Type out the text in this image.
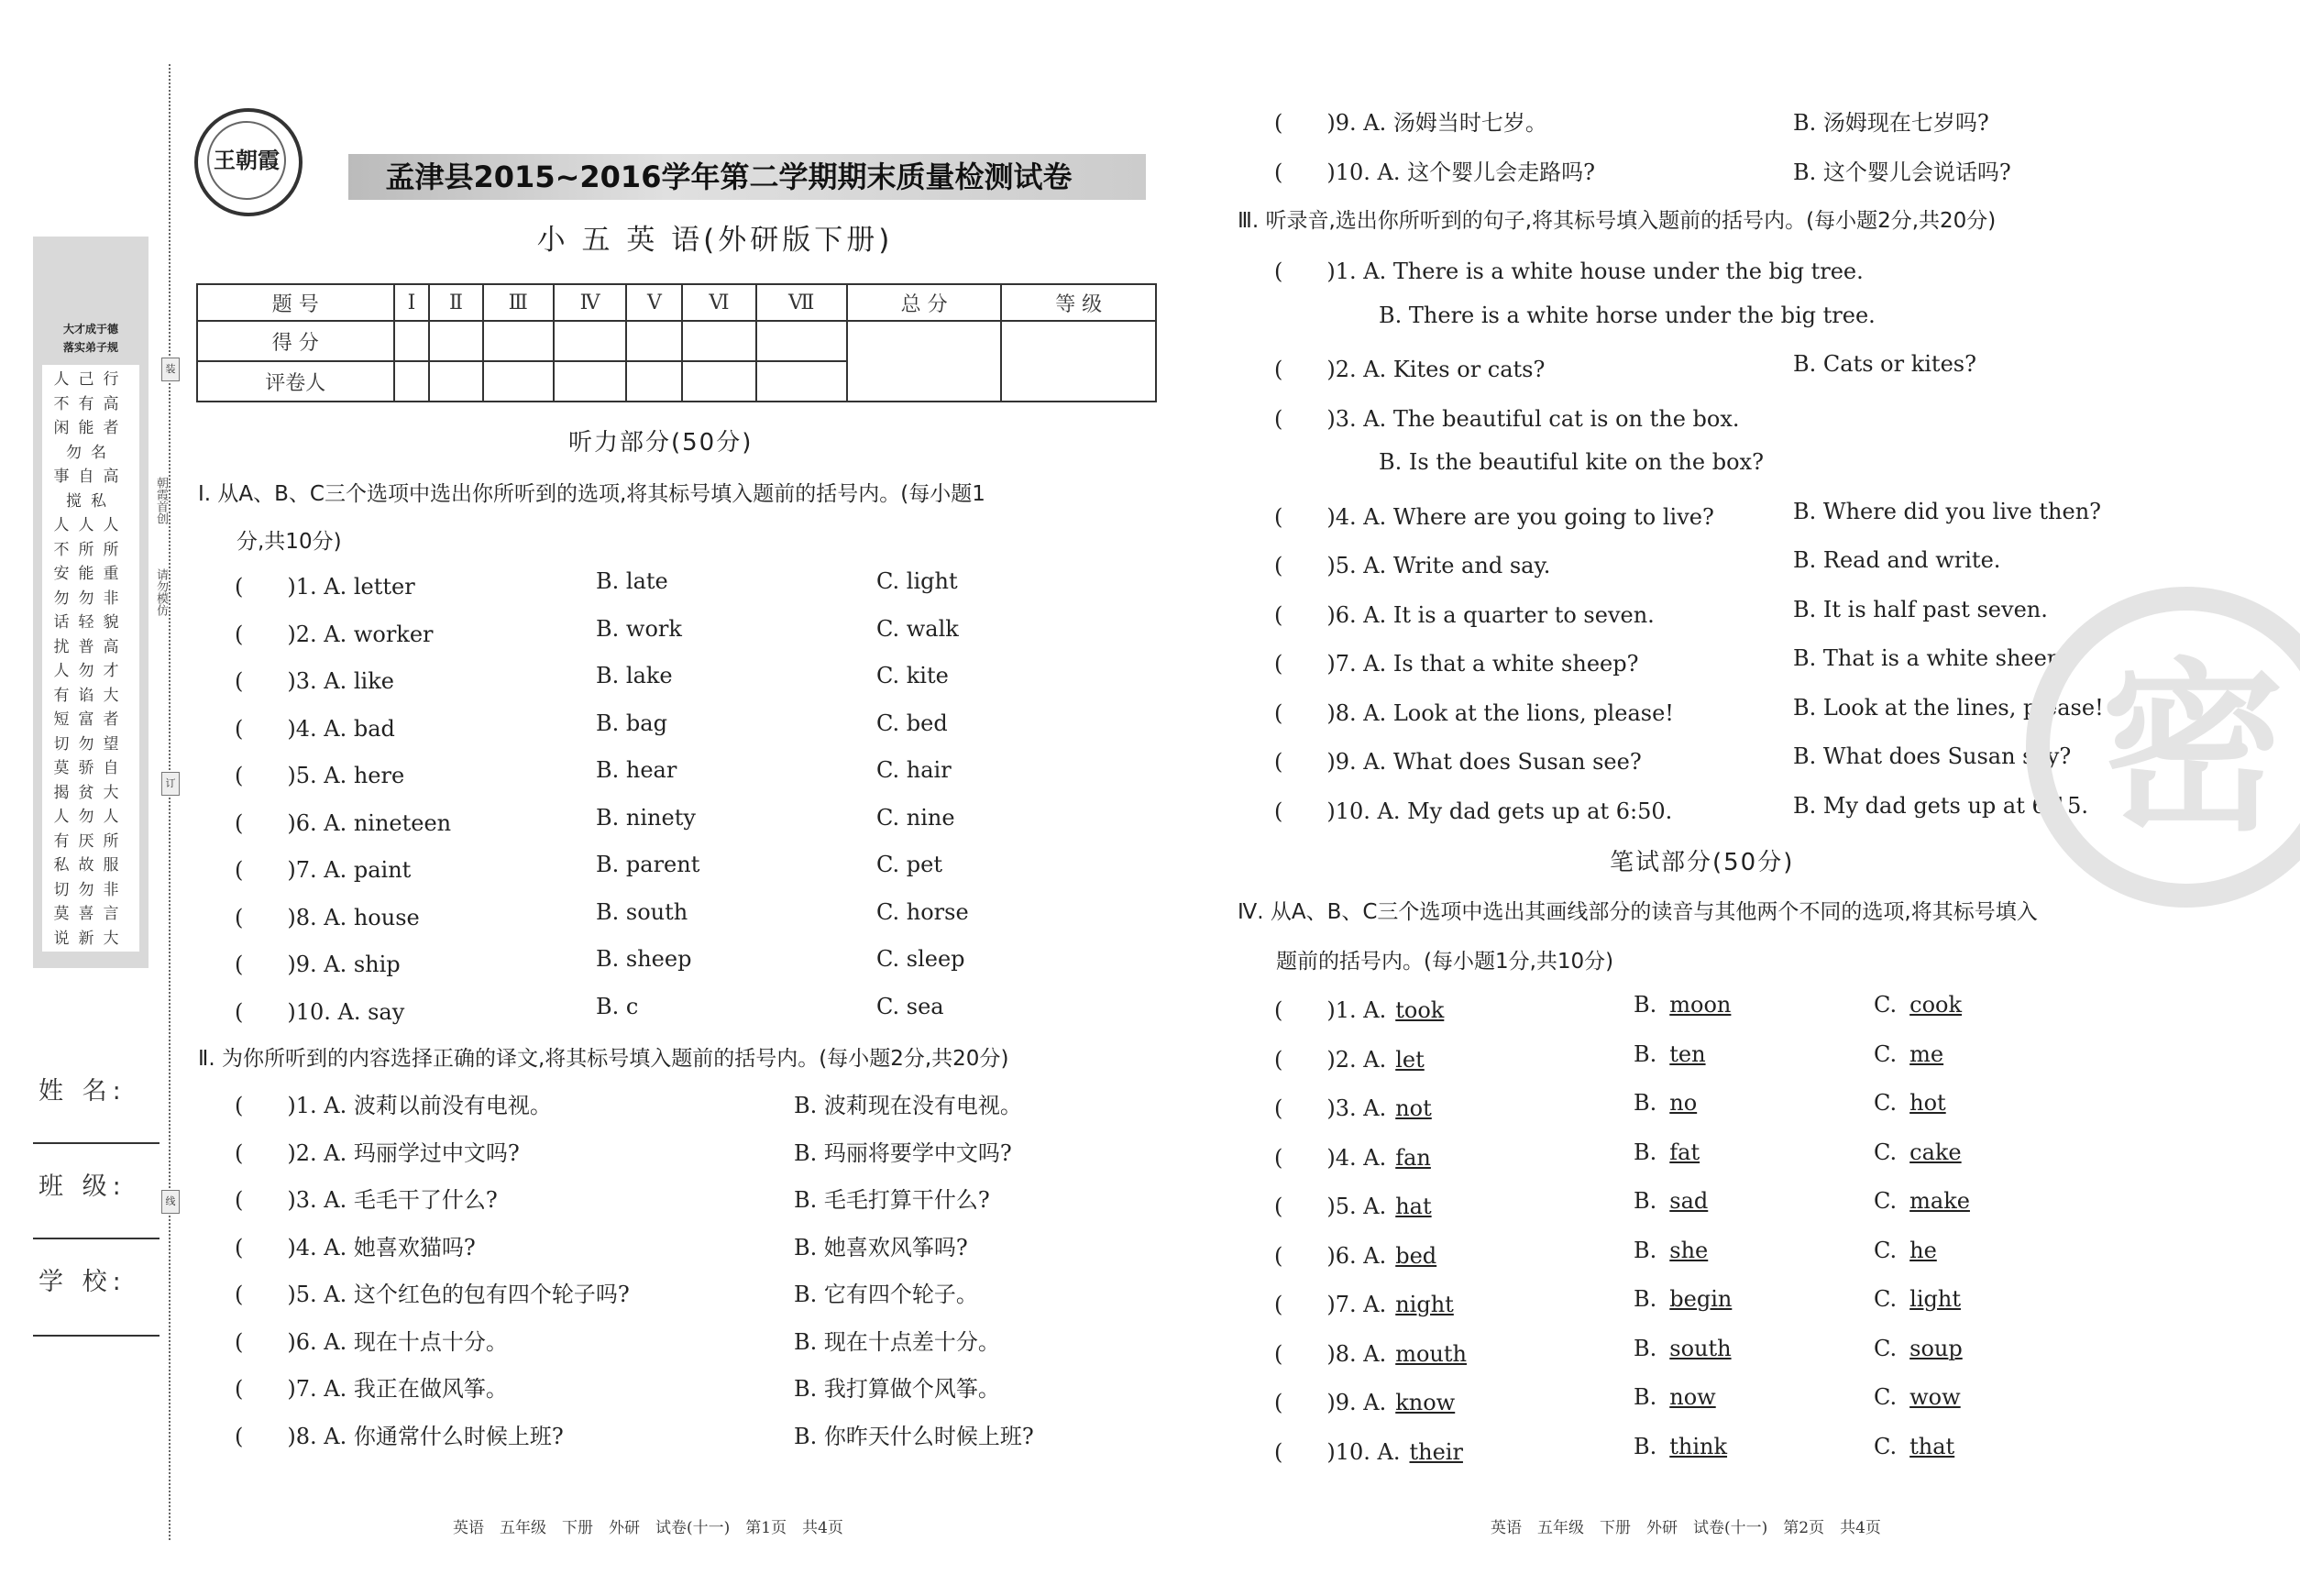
大才成于德
落实弟子规
人己行
不有高
闲能者
勿名
事自高
搅私
人人人
不所所
安能重
勿勿非
话轻貌
扰普高
人勿才
有谄大
短富者
切勿望
莫骄自
揭贫大
人勿人
有厌所
私故服
切勿非
莫喜言
说新大
朝霞首创
请勿模仿
装
订
线
姓 名:
班 级:
学 校:
王朝霞	孟津县2015~2016学年第二学期期末质量检测试卷
小 五 英 语(外研版下册)
题 号	Ⅰ	Ⅱ	Ⅲ	Ⅳ	Ⅴ	Ⅵ	Ⅶ	总 分	等 级
得 分									
评卷人									
听力部分(50分)
Ⅰ. 从A、B、C三个选项中选出你所听到的选项,将其标号填入题前的括号内。(每小题1
分,共10分)
(　　)1. A. letter	B. late	C. light
(　　)2. A. worker	B. work	C. walk
(　　)3. A. like	B. lake	C. kite
(　　)4. A. bad	B. bag	C. bed
(　　)5. A. here	B. hear	C. hair
(　　)6. A. nineteen	B. ninety	C. nine
(　　)7. A. paint	B. parent	C. pet
(　　)8. A. house	B. south	C. horse
(　　)9. A. ship	B. sheep	C. sleep
(　　)10. A. say	B. c	C. sea
Ⅱ. 为你所听到的内容选择正确的译文,将其标号填入题前的括号内。(每小题2分,共20分)
(　　)1. A. 波莉以前没有电视。	B. 波莉现在没有电视。
(　　)2. A. 玛丽学过中文吗?	B. 玛丽将要学中文吗?
(　　)3. A. 毛毛干了什么?	B. 毛毛打算干什么?
(　　)4. A. 她喜欢猫吗?	B. 她喜欢风筝吗?
(　　)5. A. 这个红色的包有四个轮子吗?	B. 它有四个轮子。
(　　)6. A. 现在十点十分。	B. 现在十点差十分。
(　　)7. A. 我正在做风筝。	B. 我打算做个风筝。
(　　)8. A. 你通常什么时候上班?	B. 你昨天什么时候上班?
(　　)9. A. 汤姆当时七岁。	B. 汤姆现在七岁吗?
(　　)10. A. 这个婴儿会走路吗?	B. 这个婴儿会说话吗?
Ⅲ. 听录音,选出你所听到的句子,将其标号填入题前的括号内。(每小题2分,共20分)
(　　)1. A. There is a white house under the big tree.
B. There is a white horse under the big tree.
(　　)2. A. Kites or cats?	B. Cats or kites?
(　　)3. A. The beautiful cat is on the box.
B. Is the beautiful kite on the box?
(　　)4. A. Where are you going to live?	B. Where did you live then?
(　　)5. A. Write and say.	B. Read and write.
(　　)6. A. It is a quarter to seven.	B. It is half past seven.
(　　)7. A. Is that a white sheep?	B. That is a white sheep.
(　　)8. A. Look at the lions, please!	B. Look at the lines, please!
(　　)9. A. What does Susan see?	B. What does Susan say?
(　　)10. A. My dad gets up at 6:50.	B. My dad gets up at 6:15.
笔试部分(50分)
Ⅳ. 从A、B、C三个选项中选出其画线部分的读音与其他两个不同的选项,将其标号填入
题前的括号内。(每小题1分,共10分)
(　　)1. A. took	B. moon	C. cook
(　　)2. A. let	B. ten	C. me
(　　)3. A. not	B. no	C. hot
(　　)4. A. fan	B. fat	C. cake
(　　)5. A. hat	B. sad	C. make
(　　)6. A. bed	B. she	C. he
(　　)7. A. night	B. begin	C. light
(　　)8. A. mouth	B. south	C. soup
(　　)9. A. know	B. now	C. wow
(　　)10. A. their	B. think	C. that
密
英语　五年级　下册　外研　试卷(十一)　第1页　共4页	英语　五年级　下册　外研　试卷(十一)　第2页　共4页
